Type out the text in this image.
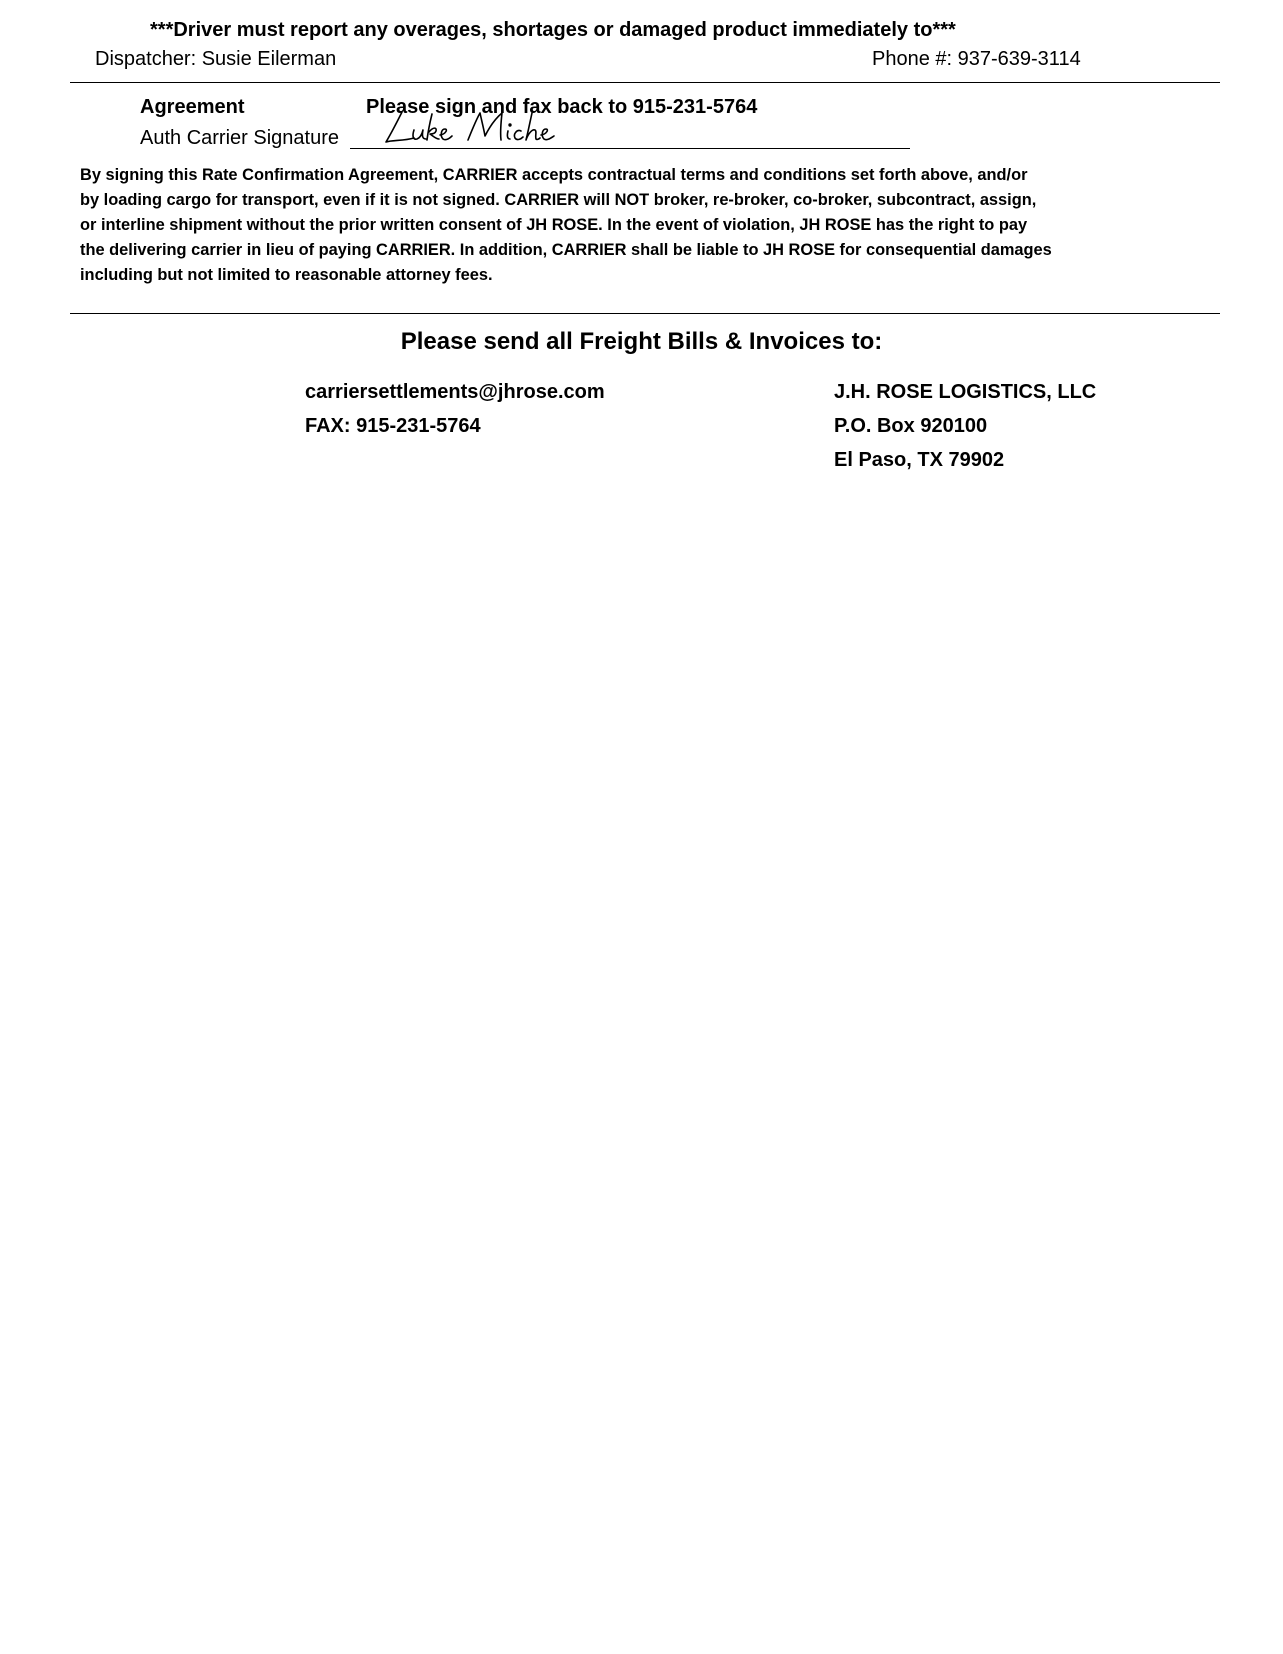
***Driver must report any overages, shortages or damaged product immediately to***
Dispatcher: Susie Eilerman	Phone #: 937-639-3114
Agreement	Please sign and fax back to 915-231-5764
Auth Carrier Signature
By signing this Rate Confirmation Agreement, CARRIER accepts contractual terms and conditions set forth above, and/or
by loading cargo for transport, even if it is not signed. CARRIER will NOT broker, re-broker, co-broker, subcontract, assign,
or interline shipment without the prior written consent of JH ROSE. In the event of violation, JH ROSE has the right to pay
the delivering carrier in lieu of paying CARRIER. In addition, CARRIER shall be liable to JH ROSE for consequential damages
including but not limited to reasonable attorney fees.
Please send all Freight Bills & Invoices to:
carriersettlements@jhrose.com
FAX: 915-231-5764
J.H. ROSE LOGISTICS, LLC
P.O. Box 920100
El Paso, TX 79902
